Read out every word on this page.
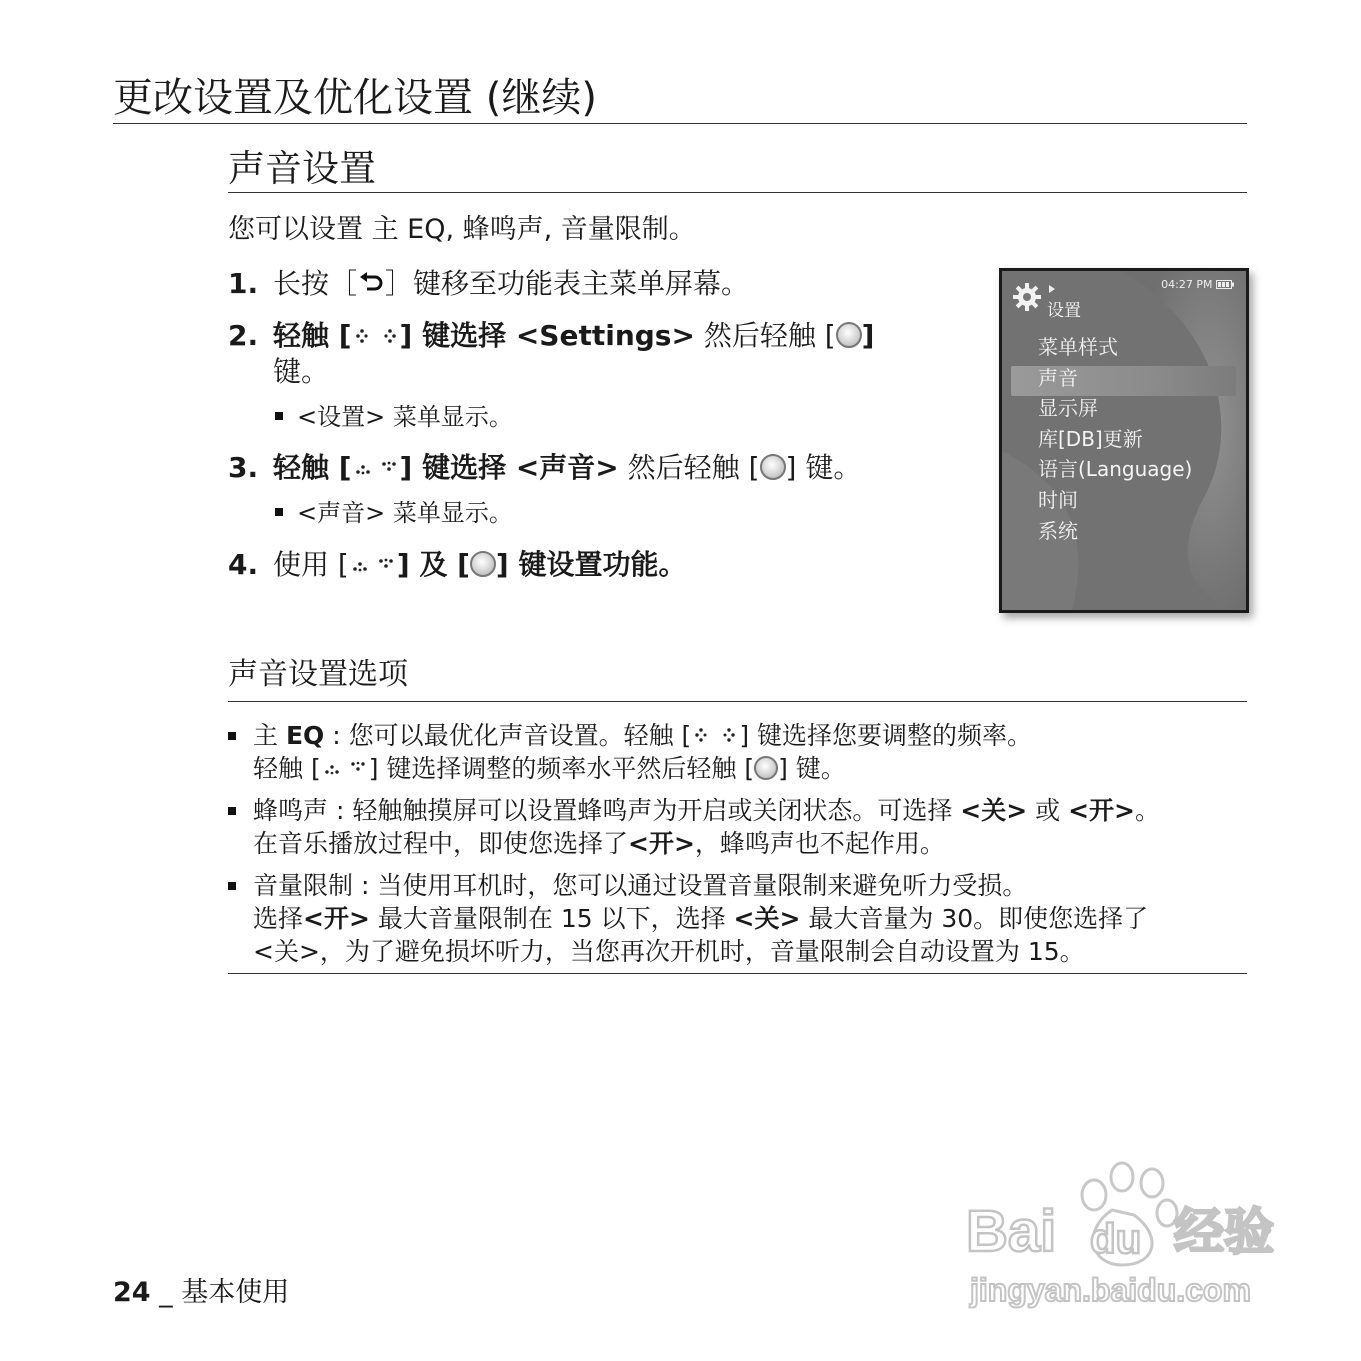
更改设置及优化设置 (继续)
声音设置
您可以设置 主 EQ, 蜂鸣声, 音量限制。
1. 长按［ ］键移至功能表主菜单屏幕。
2. 轻触 [ ] 键选择 <Settings> 然后轻触 [ ]
键。
<设置> 菜单显示。
3. 轻触 [ ] 键选择 <声音> 然后轻触 [ ] 键。
<声音> 菜单显示。
4. 使用 [ ] 及 [ ] 键设置功能。
04:27 PM
设置
菜单样式
声音
显示屏
库[DB]更新
语言(Language)
时间
系统
声音设置选项
主 EQ : 您可以最优化声音设置。轻触 [ ] 键选择您要调整的频率。
轻触 [ ] 键选择调整的频率水平然后轻触 [ ] 键。
蜂鸣声 : 轻触触摸屏可以设置蜂鸣声为开启或关闭状态。可选择 <关> 或 <开>。
在音乐播放过程中，即使您选择了<开>，蜂鸣声也不起作用。
音量限制 : 当使用耳机时，您可以通过设置音量限制来避免听力受损。
选择<开> 最大音量限制在 15 以下，选择 <关> 最大音量为 30。即使您选择了
<关>，为了避免损坏听力，当您再次开机时，音量限制会自动设置为 15。
24 _ 基本使用
Bai du 经验
jingyan.baidu.com
